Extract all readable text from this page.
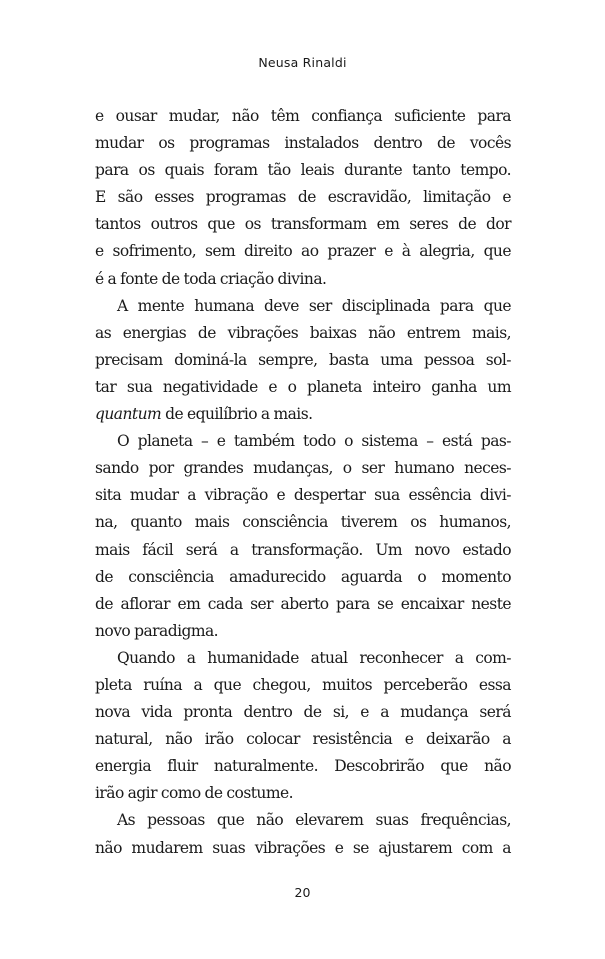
Neusa Rinaldi
e ousar mudar, não têm confiança suficiente para
mudar os programas instalados dentro de vocês
para os quais foram tão leais durante tanto tempo.
E são esses programas de escravidão, limitação e
tantos outros que os transformam em seres de dor
e sofrimento, sem direito ao prazer e à alegria, que
é a fonte de toda criação divina.
A mente humana deve ser disciplinada para que
as energias de vibrações baixas não entrem mais,
precisam dominá-la sempre, basta uma pessoa sol-
tar sua negatividade e o planeta inteiro ganha um
quantum de equilíbrio a mais.
O planeta – e também todo o sistema – está pas-
sando por grandes mudanças, o ser humano neces-
sita mudar a vibração e despertar sua essência divi-
na, quanto mais consciência tiverem os humanos,
mais fácil será a transformação. Um novo estado
de consciência amadurecido aguarda o momento
de aflorar em cada ser aberto para se encaixar neste
novo paradigma.
Quando a humanidade atual reconhecer a com-
pleta ruína a que chegou, muitos perceberão essa
nova vida pronta dentro de si, e a mudança será
natural, não irão colocar resistência e deixarão a
energia fluir naturalmente. Descobrirão que não
irão agir como de costume.
As pessoas que não elevarem suas frequências,
não mudarem suas vibrações e se ajustarem com a
20
